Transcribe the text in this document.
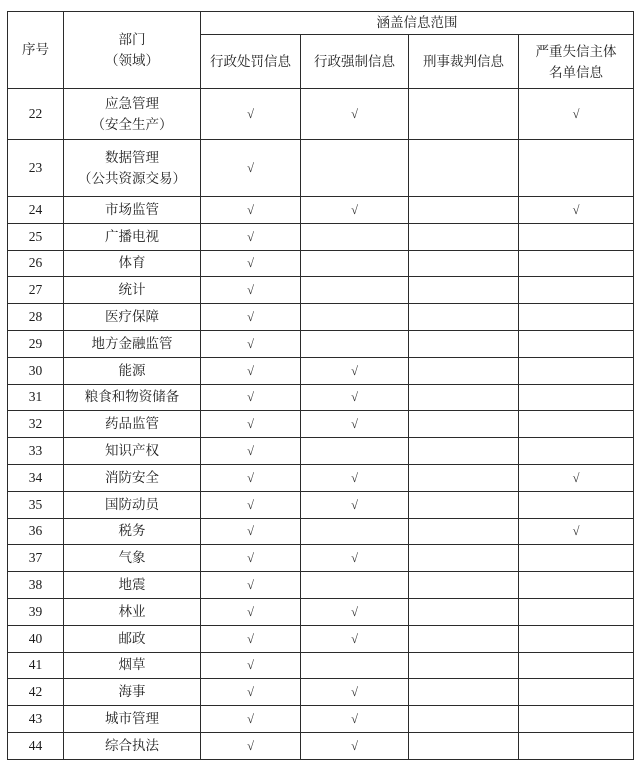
序号	部门
（领域）	涵盖信息范围			

		行政处罚信息	行政强制信息	刑事裁判信息	严重失信主体
名单信息

22	应急管理
（安全生产）	√	√		√
23	数据管理
（公共资源交易）	√			
24	市场监管	√	√		√
25	广播电视	√			
26	体育	√			
27	统计	√			
28	医疗保障	√			
29	地方金融监管	√			
30	能源	√	√		
31	粮食和物资储备	√	√		
32	药品监管	√	√		
33	知识产权	√			
34	消防安全	√	√		√
35	国防动员	√	√		
36	税务	√			√
37	气象	√	√		
38	地震	√			
39	林业	√	√		
40	邮政	√	√		
41	烟草	√			
42	海事	√	√		
43	城市管理	√	√		
44	综合执法	√	√		
